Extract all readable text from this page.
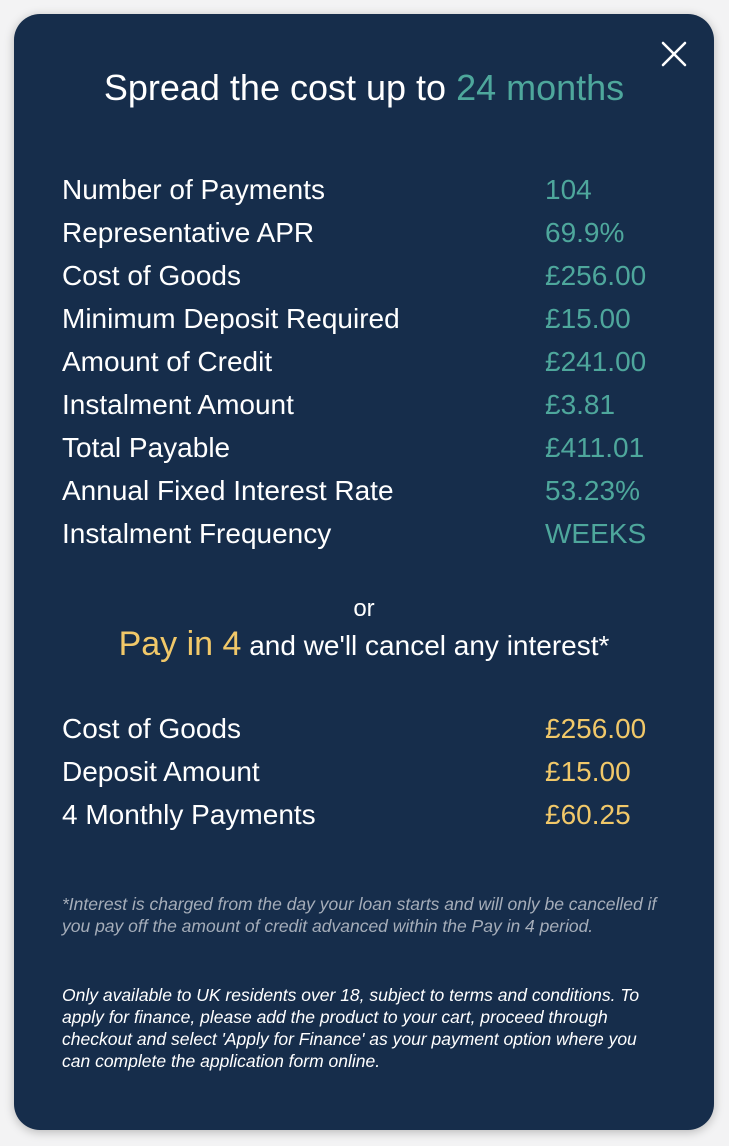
Spread the cost up to 24 months
Number of Payments	104
Representative APR	69.9%
Cost of Goods	£256.00
Minimum Deposit Required	£15.00
Amount of Credit	£241.00
Instalment Amount	£3.81
Total Payable	£411.01
Annual Fixed Interest Rate	53.23%
Instalment Frequency	WEEKS
or
Pay in 4 and we'll cancel any interest*
Cost of Goods	£256.00
Deposit Amount	£15.00
4 Monthly Payments	£60.25
*Interest is charged from the day your loan starts and will only be cancelled if you pay off the amount of credit advanced within the Pay in 4 period.
Only available to UK residents over 18, subject to terms and conditions. To apply for finance, please add the product to your cart, proceed through checkout and select 'Apply for Finance' as your payment option where you can complete the application form online.
